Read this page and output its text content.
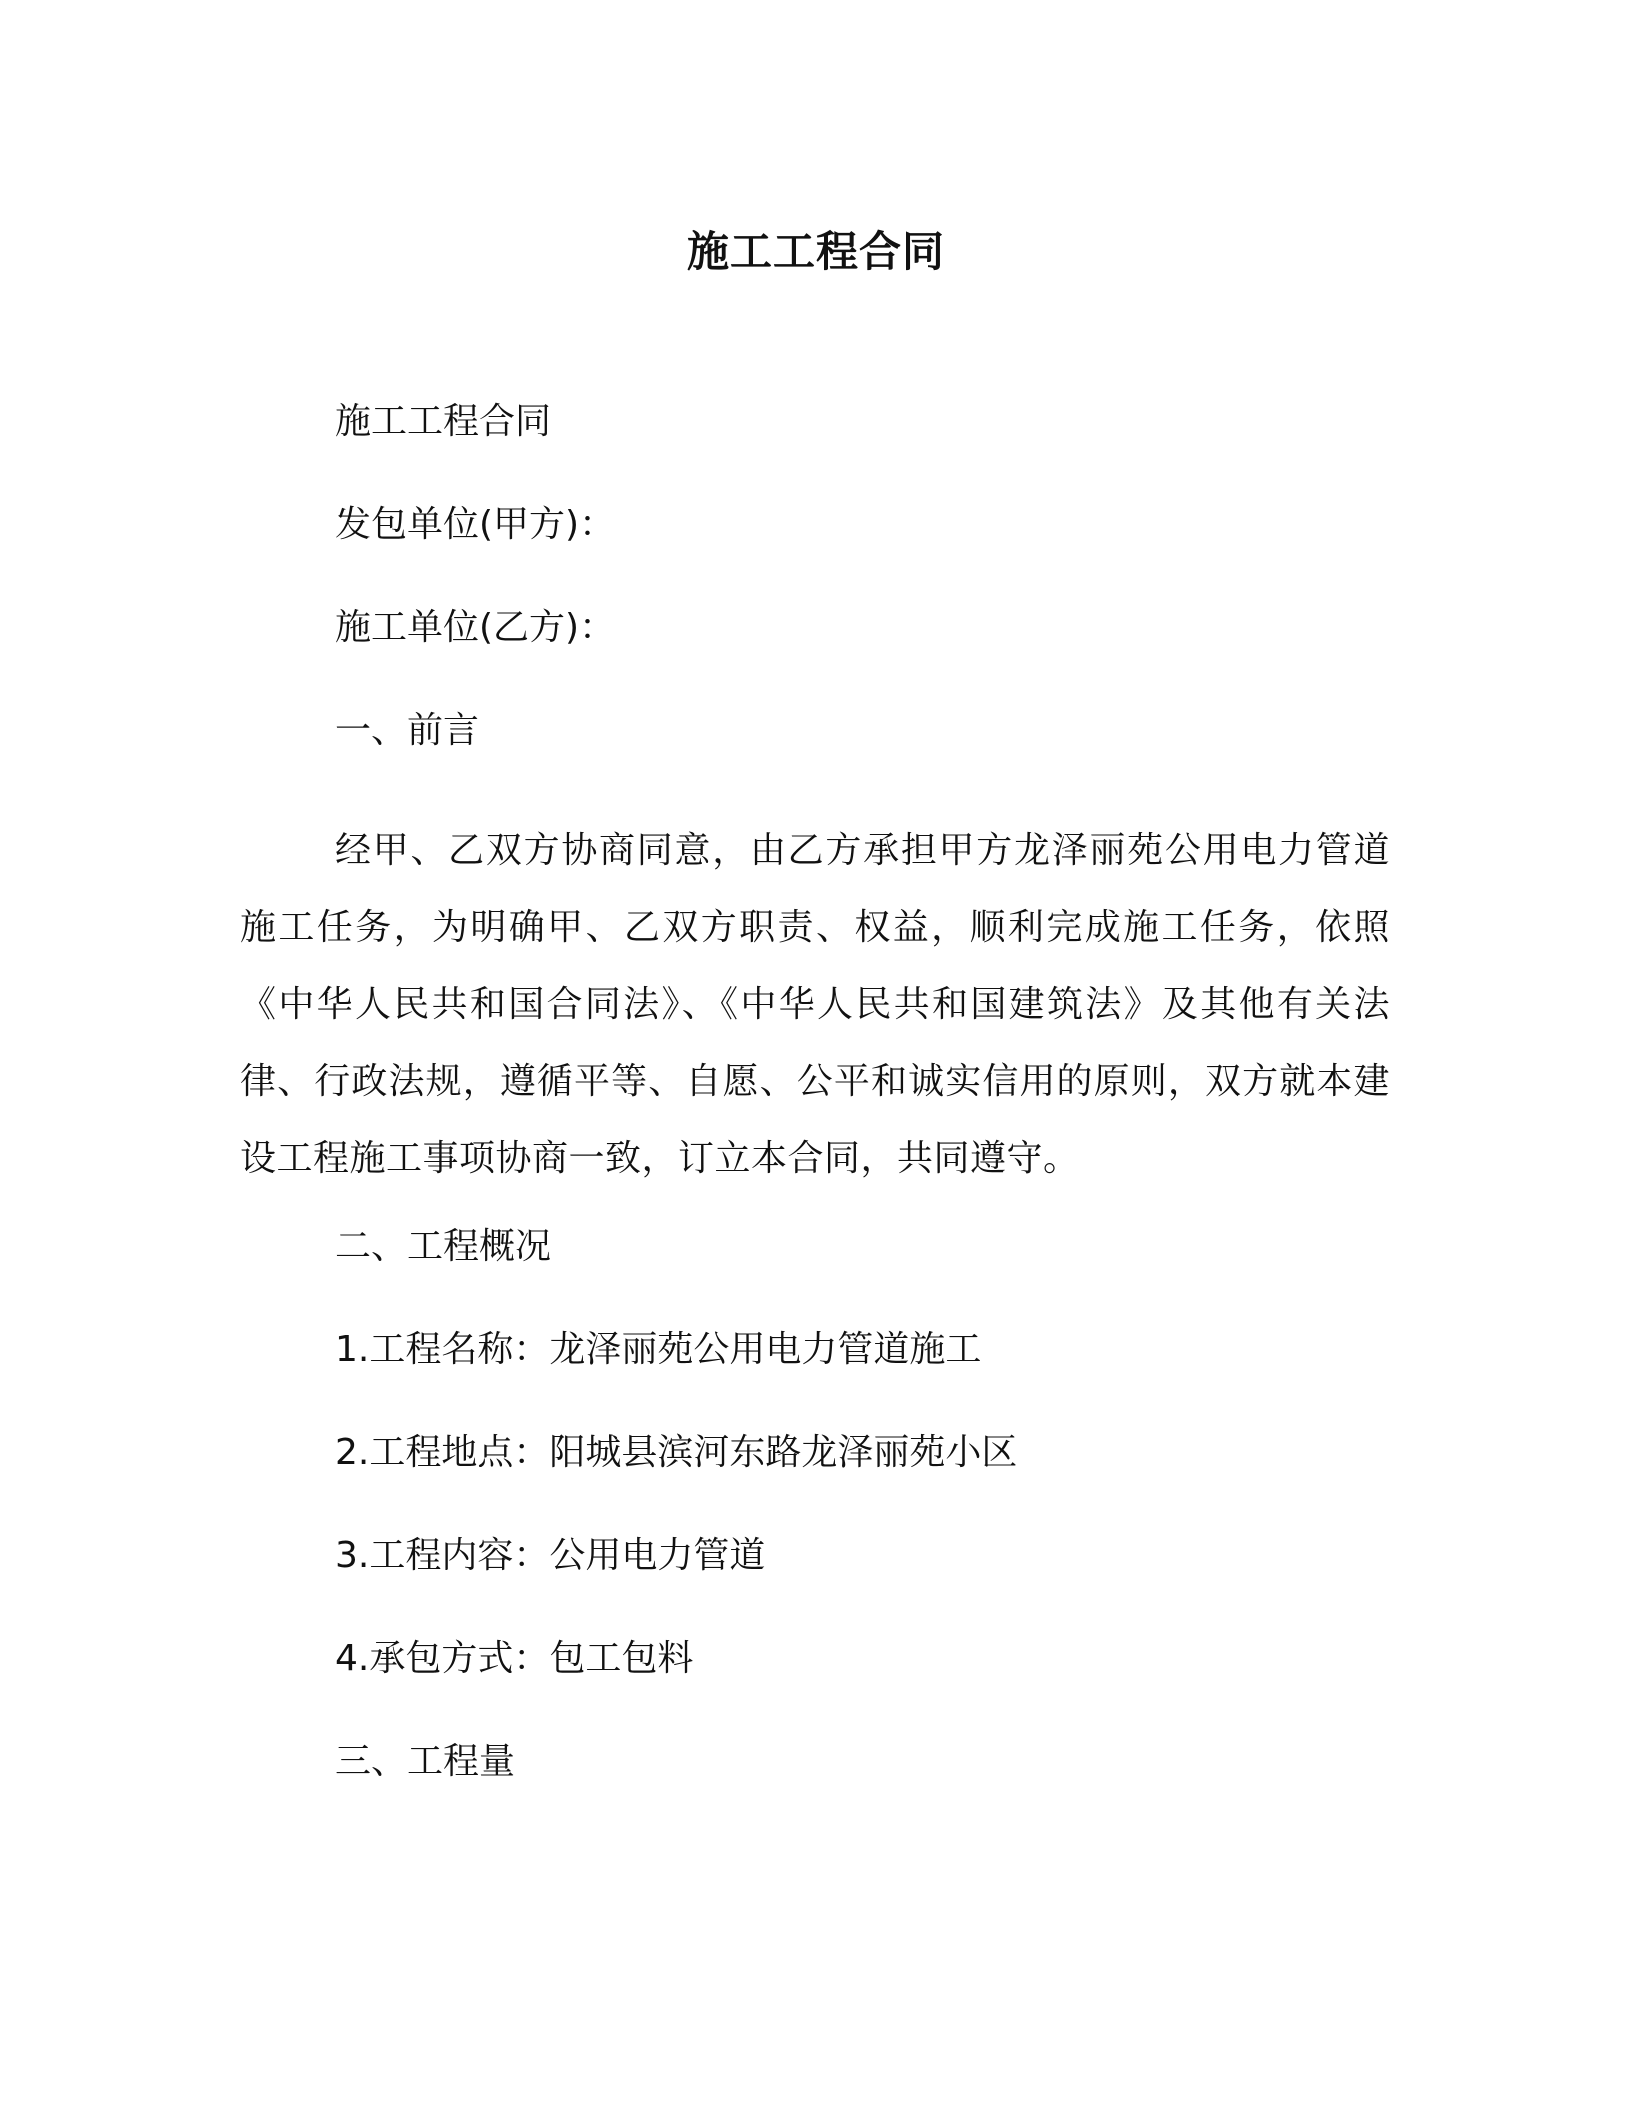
施工工程合同
施工工程合同
发包单位(甲方)：
施工单位(乙方)：
一、前言
经甲、乙双方协商同意，由乙方承担甲方龙泽丽苑公用电力管道施工任务，为明确甲、乙双方职责、权益，顺利完成施工任务，依照《中华人民共和国合同法》、《中华人民共和国建筑法》及其他有关法律、行政法规，遵循平等、自愿、公平和诚实信用的原则，双方就本建设工程施工事项协商一致，订立本合同，共同遵守。
二、工程概况
1.工程名称：龙泽丽苑公用电力管道施工
2.工程地点：阳城县滨河东路龙泽丽苑小区
3.工程内容：公用电力管道
4.承包方式：包工包料
三、工程量
